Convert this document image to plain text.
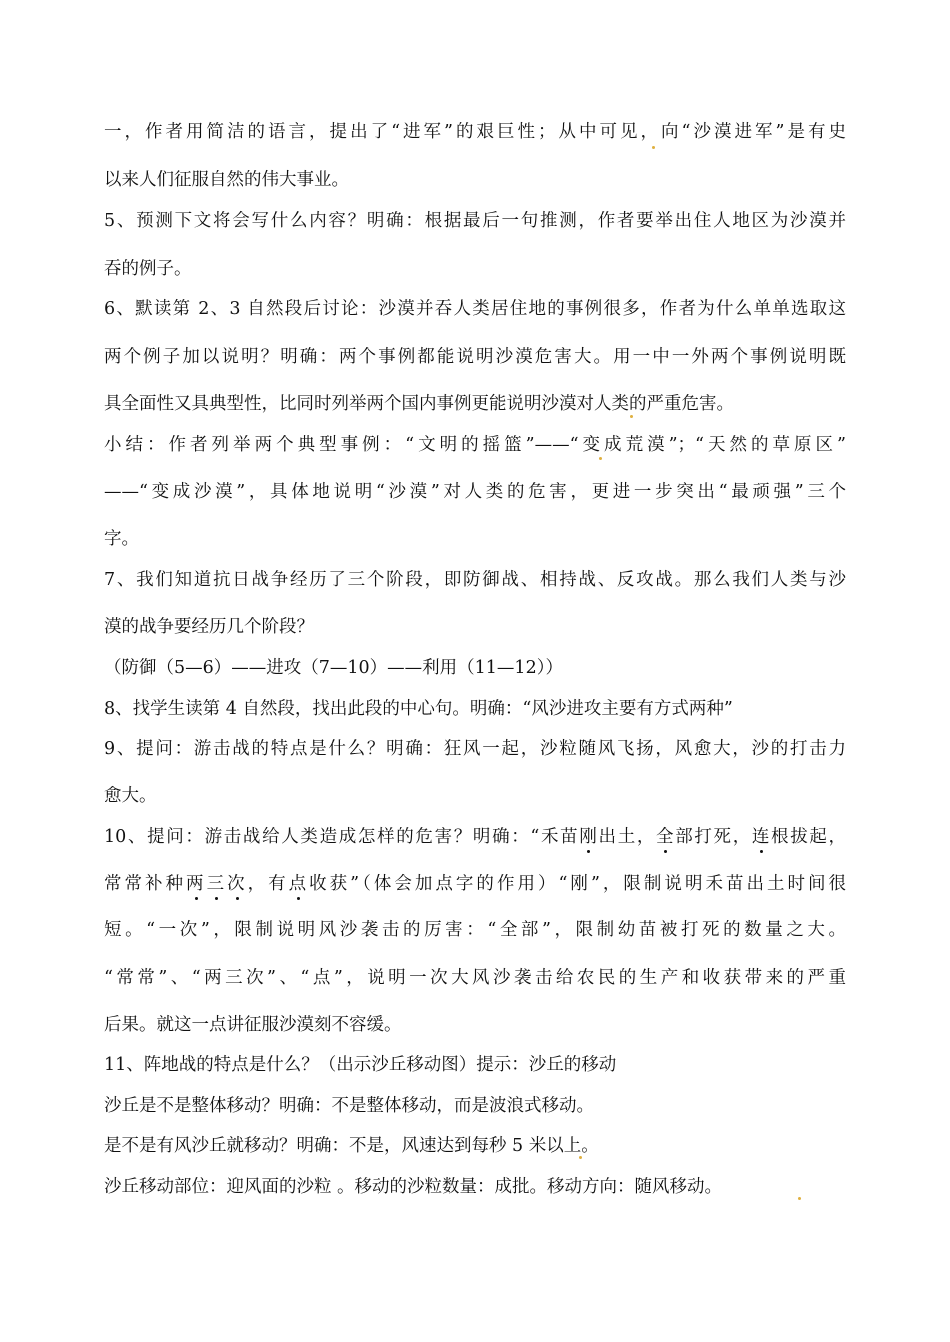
一，作者用简洁的语言，提出了“进军”的艰巨性；从中可见，向“沙漠进军”是有史
以来人们征服自然的伟大事业。
5、预测下文将会写什么内容？明确：根据最后一句推测，作者要举出住人地区为沙漠并
吞的例子。
6、默读第 2、3 自然段后讨论：沙漠并吞人类居住地的事例很多，作者为什么单单选取这
两个例子加以说明？明确：两个事例都能说明沙漠危害大。用一中一外两个事例说明既
具全面性又具典型性，比同时列举两个国内事例更能说明沙漠对人类的严重危害。
小结：作者列举两个典型事例：“文明的摇篮”——“变成荒漠”；“天然的草原区”
——“变成沙漠”，具体地说明“沙漠”对人类的危害，更进一步突出“最顽强”三个
字。
7、我们知道抗日战争经历了三个阶段，即防御战、相持战、反攻战。那么我们人类与沙
漠的战争要经历几个阶段？
（防御（5—6）——进攻（7—10）——利用（11—12））
8、找学生读第 4 自然段，找出此段的中心句。明确：“风沙进攻主要有方式两种”
9、提问：游击战的特点是什么？明确：狂风一起，沙粒随风飞扬，风愈大，沙的打击力
愈大。
10、提问：游击战给人类造成怎样的危害？明确：“禾苗刚出土，全部打死，连根拔起，
常常补种两三次，有点收获”（体会加点字的作用）“刚”，限制说明禾苗出土时间很
短。“一次”，限制说明风沙袭击的厉害：“全部”，限制幼苗被打死的数量之大。
“常常”、“两三次”、“点”，说明一次大风沙袭击给农民的生产和收获带来的严重
后果。就这一点讲征服沙漠刻不容缓。
11、阵地战的特点是什么？（出示沙丘移动图）提示：沙丘的移动
沙丘是不是整体移动？明确：不是整体移动，而是波浪式移动。
是不是有风沙丘就移动？明确：不是，风速达到每秒 5 米以上。
沙丘移动部位：迎风面的沙粒 。移动的沙粒数量：成批。移动方向：随风移动。
